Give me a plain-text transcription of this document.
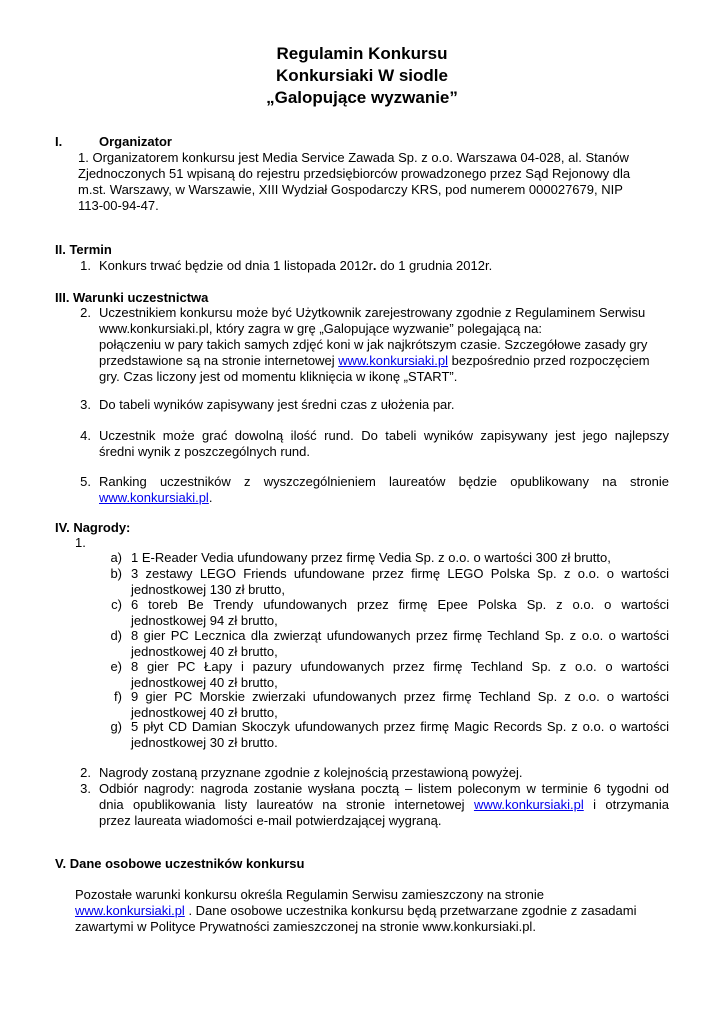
Regulamin Konkursu
Konkursiaki W siodle
„Galopujące wyzwanie”
I.	Organizator
1. Organizatorem konkursu jest Media Service Zawada Sp. z o.o. Warszawa 04-028, al. Stanów
Zjednoczonych 51 wpisaną do rejestru przedsiębiorców prowadzonego przez Sąd Rejonowy dla
m.st. Warszawy, w Warszawie, XIII Wydział Gospodarczy KRS, pod numerem 000027679, NIP
113-00-94-47.
II. Termin
1. Konkurs trwać będzie od dnia 1 listopada 2012r. do 1 grudnia 2012r.
III. Warunki uczestnictwa
2. Uczestnikiem konkursu może być Użytkownik zarejestrowany zgodnie z Regulaminem Serwisu
www.konkursiaki.pl, który zagra w grę „Galopujące wyzwanie” polegającą na:
połączeniu w pary takich samych zdjęć koni w jak najkrótszym czasie. Szczegółowe zasady gry
przedstawione są na stronie internetowej www.konkursiaki.pl bezpośrednio przed rozpoczęciem
gry. Czas liczony jest od momentu kliknięcia w ikonę „START”.
3. Do tabeli wyników zapisywany jest średni czas z ułożenia par.
4. Uczestnik może grać dowolną ilość rund. Do tabeli wyników zapisywany jest jego najlepszy
średni wynik z poszczególnych rund.
5. Ranking uczestników z wyszczególnieniem laureatów będzie opublikowany na stronie
www.konkursiaki.pl.
IV. Nagrody:
1.
a) 1 E-Reader Vedia ufundowany przez firmę Vedia Sp. z o.o. o wartości 300 zł brutto,
b) 3 zestawy LEGO Friends ufundowane przez firmę LEGO Polska Sp. z o.o. o wartości
jednostkowej 130 zł brutto,
c) 6 toreb Be Trendy ufundowanych przez firmę Epee Polska Sp. z o.o. o wartości
jednostkowej 94 zł brutto,
d) 8 gier PC Lecznica dla zwierząt ufundowanych przez firmę Techland Sp. z o.o. o wartości
jednostkowej 40 zł brutto,
e) 8 gier PC Łapy i pazury ufundowanych przez firmę Techland Sp. z o.o. o wartości
jednostkowej 40 zł brutto,
f) 9 gier PC Morskie zwierzaki ufundowanych przez firmę Techland Sp. z o.o. o wartości
jednostkowej 40 zł brutto,
g) 5 płyt CD Damian Skoczyk ufundowanych przez firmę Magic Records Sp. z o.o. o wartości
jednostkowej 30 zł brutto.
2. Nagrody zostaną przyznane zgodnie z kolejnością przestawioną powyżej.
3. Odbiór nagrody: nagroda zostanie wysłana pocztą – listem poleconym w terminie 6 tygodni od
dnia opublikowania listy laureatów na stronie internetowej www.konkursiaki.pl i otrzymania
przez laureata wiadomości e-mail potwierdzającej wygraną.
V. Dane osobowe uczestników konkursu
Pozostałe warunki konkursu określa Regulamin Serwisu zamieszczony na stronie
www.konkursiaki.pl . Dane osobowe uczestnika konkursu będą przetwarzane zgodnie z zasadami
zawartymi w Polityce Prywatności zamieszczonej na stronie www.konkursiaki.pl.
